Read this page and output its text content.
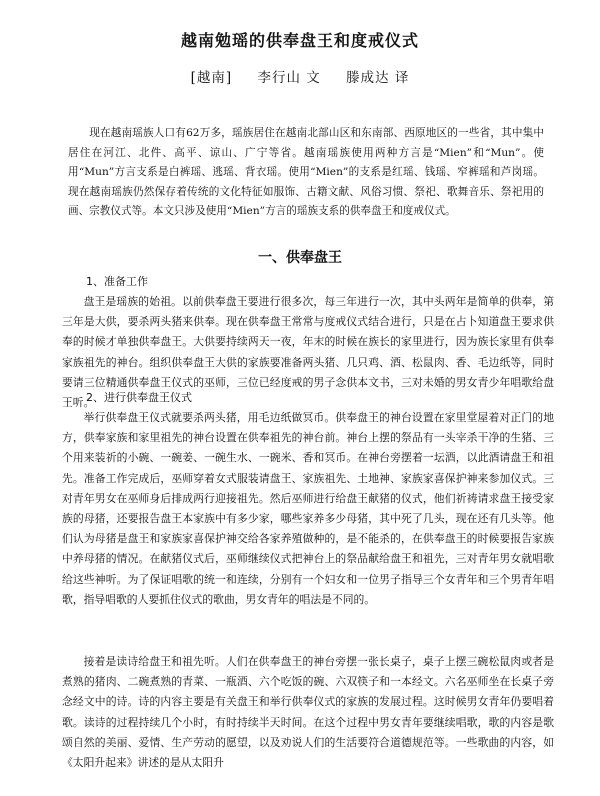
越南勉瑶的供奉盘王和度戒仪式
[越南] 李行山 文 滕成达 译

现在越南瑶族人口有62万多，瑶族居住在越南北部山区和东南部、西原地区的一些省，其中集中居住在河江、北件、高平、谅山、广宁等省。越南瑶族使用两种方言是“Mien”和“Mun”。使用“Mun”方言支系是白裤瑶、逃瑶、背衣瑶。使用“Mien”的支系是红瑶、钱瑶、窄裤瑶和芦岗瑶。现在越南瑶族仍然保存着传统的文化特征如服饰、古籍文献、风俗习惯、祭祀、歌舞音乐、祭祀用的画、宗教仪式等。本文只涉及使用“Mien”方言的瑶族支系的供奉盘王和度戒仪式。

一、供奉盘王

1、准备工作

盘王是瑶族的始祖。以前供奉盘王要进行很多次，每三年进行一次，其中头两年是简单的供奉，第三年是大供，要杀两头猪来供奉。现在供奉盘王常常与度戒仪式结合进行，只是在占卜知道盘王要求供奉的时候才单独供奉盘王。大供要持续两天一夜，年末的时候在族长的家里进行，因为族长家里有供奉家族祖先的神台。组织供奉盘王大供的家族要准备两头猪、几只鸡、酒、松鼠肉、香、毛边纸等，同时要请三位精通供奉盘王仪式的巫师，三位已经度戒的男子念供本文书，三对未婚的男女青少年唱歌给盘王听。

2、进行供奉盘王仪式

举行供奉盘王仪式就要杀两头猪，用毛边纸做冥币。供奉盘王的神台设置在家里堂屋着对正门的地方，供奉家族和家里祖先的神台设置在供奉祖先的神台前。神台上摆的祭品有一头宰杀干净的生猪、三个用来装祈的小碗、一碗姜、一碗生水、一碗米、香和冥币。在神台旁摆着一坛酒，以此酒请盘王和祖先。准备工作完成后，巫师穿着女式服装请盘王、家族祖先、土地神、家族家喜保护神来参加仪式。三对青年男女在巫师身后排成两行迎接祖先。然后巫师进行给盘王献猪的仪式，他们祈祷请求盘王接受家族的母猪，还要报告盘王本家族中有多少家，哪些家养多少母猪，其中死了几头，现在还有几头等。他们认为母猪是盘王和家族家喜保护神交给各家养殖做种的，是不能杀的，在供奉盘王的时候要报告家族中养母猪的情况。在献猪仪式后，巫师继续仪式把神台上的祭品献给盘王和祖先，三对青年男女就唱歌给这些神听。为了保证唱歌的统一和连续，分别有一个妇女和一位男子指导三个女青年和三个男青年唱歌，指导唱歌的人要抓住仪式的歌曲，男女青年的唱法是不同的。

接着是读诗给盘王和祖先听。人们在供奉盘王的神台旁摆一张长桌子，桌子上摆三碗松鼠肉或者是煮熟的猪肉、二碗煮熟的青菜、一瓶酒、六个吃饭的碗、六双筷子和一本经文。六名巫师坐在长桌子旁念经文中的诗。诗的内容主要是有关盘王和举行供奉仪式的家族的发展过程。这时候男女青年仍要唱着歌。读诗的过程持续几个小时，有时持续半天时间。在这个过程中男女青年要继续唱歌，歌的内容是歌颂自然的美丽、爱情、生产劳动的愿望，以及劝说人们的生活要符合道德规范等。一些歌曲的内容，如《太阳升起来》讲述的是从太阳升
